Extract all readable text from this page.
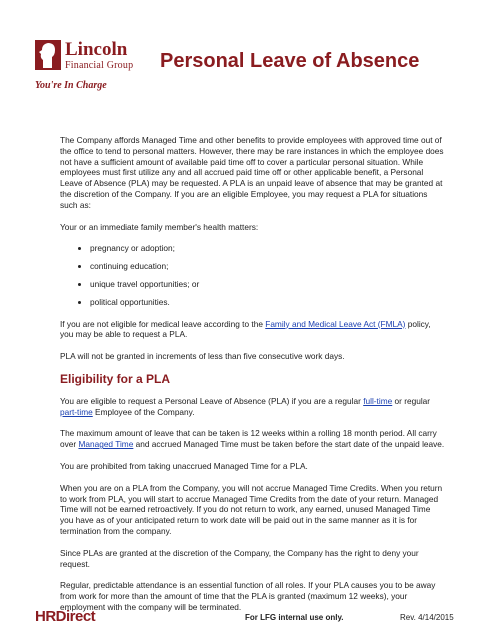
Lincoln
Financial Group
You're In Charge
Personal Leave of Absence

The Company affords Managed Time and other benefits to provide employees with approved time out of the office to tend to personal matters. However, there may be rare instances in which the employee does not have a sufficient amount of available paid time off to cover a particular personal situation. While employees must first utilize any and all accrued paid time off or other applicable benefit, a Personal Leave of Absence (PLA) may be requested. A PLA is an unpaid leave of absence that may be granted at the discretion of the Company. If you are an eligible Employee, you may request a PLA for situations such as:

Your or an immediate family member's health matters:

• pregnancy or adoption;
• continuing education;
• unique travel opportunities; or
• political opportunities.

If you are not eligible for medical leave according to the Family and Medical Leave Act (FMLA) policy, you may be able to request a PLA.

PLA will not be granted in increments of less than five consecutive work days.

Eligibility for a PLA

You are eligible to request a Personal Leave of Absence (PLA) if you are a regular full-time or regular part-time Employee of the Company.

The maximum amount of leave that can be taken is 12 weeks within a rolling 18 month period. All carry over Managed Time and accrued Managed Time must be taken before the start date of the unpaid leave.

You are prohibited from taking unaccrued Managed Time for a PLA.

When you are on a PLA from the Company, you will not accrue Managed Time Credits. When you return to work from PLA, you will start to accrue Managed Time Credits from the date of your return. Managed Time will not be earned retroactively. If you do not return to work, any earned, unused Managed Time you have as of your anticipated return to work date will be paid out in the same manner as it is for termination from the company.

Since PLAs are granted at the discretion of the Company, the Company has the right to deny your request.

Regular, predictable attendance is an essential function of all roles. If your PLA causes you to be away from work for more than the amount of time that the PLA is granted (maximum 12 weeks), your employment with the company will be terminated.

HRDirect	For LFG internal use only.	Rev. 4/14/2015
